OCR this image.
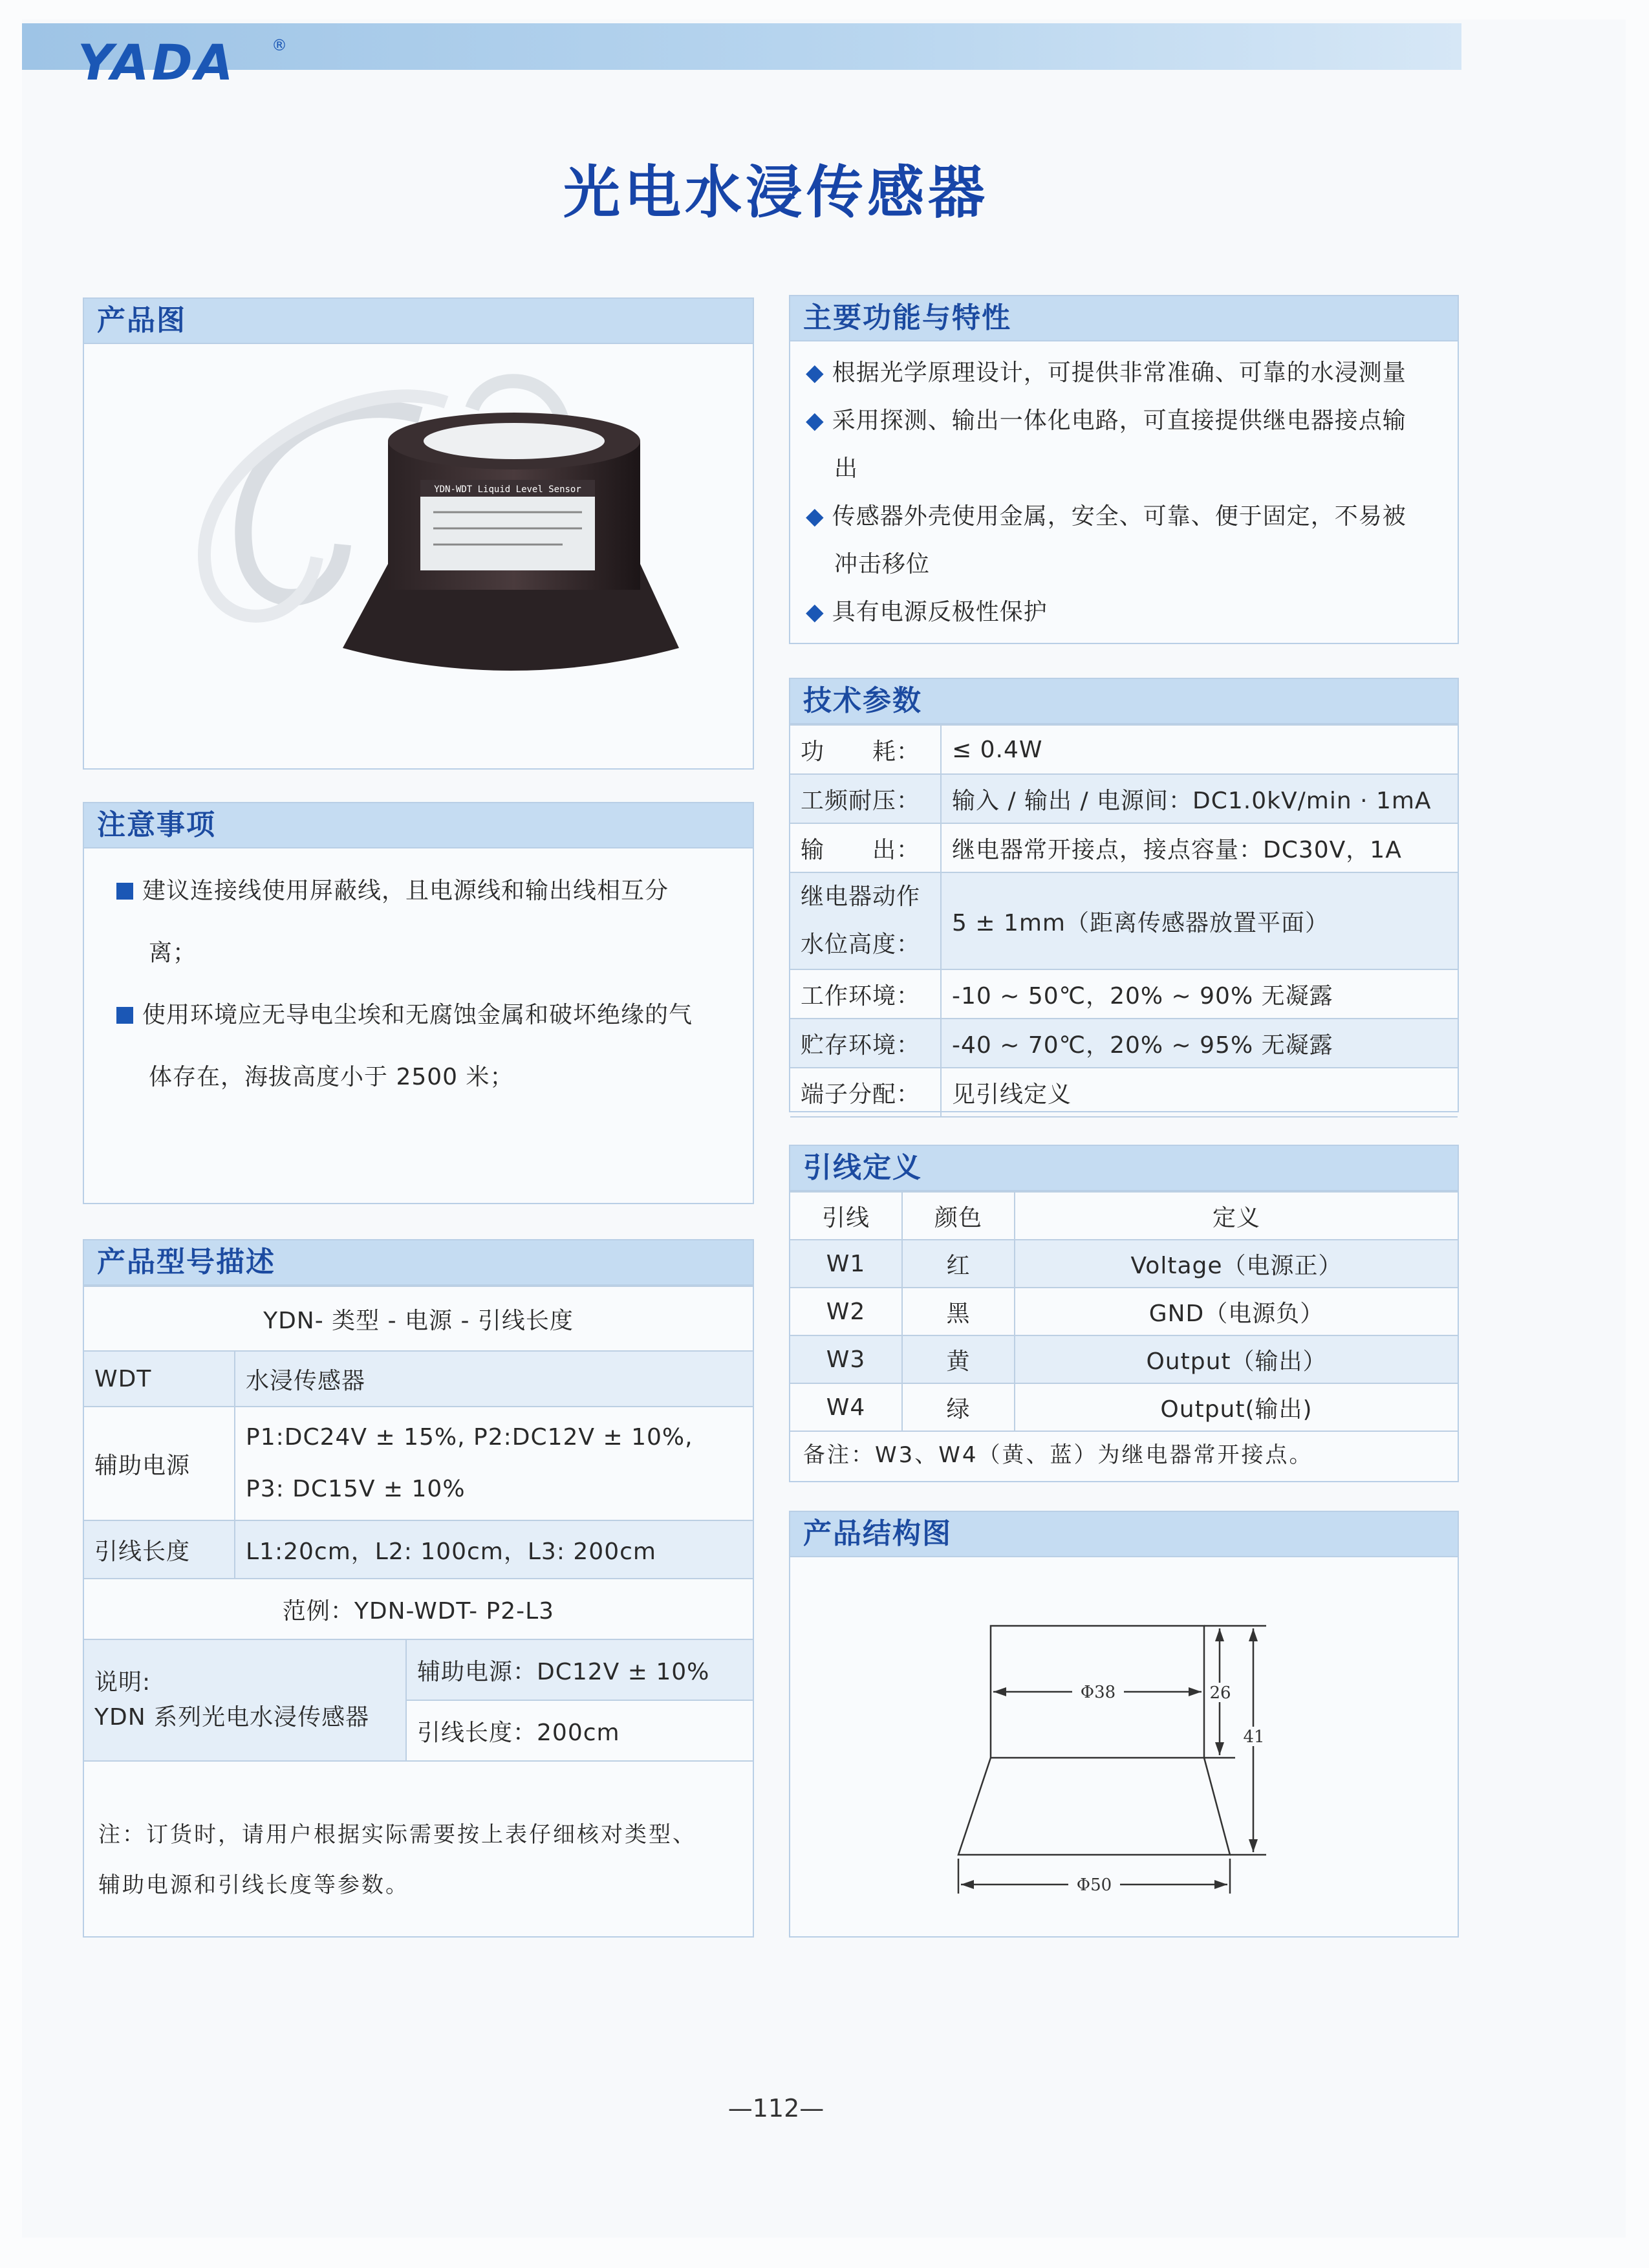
YADA ®
光电水浸传感器
产品图
YDN-WDT Liquid Level Sensor
注意事项
建议连接线使用屏蔽线，且电源线和输出线相互分
离；
使用环境应无导电尘埃和无腐蚀金属和破坏绝缘的气
体存在，海拔高度小于 2500 米；
产品型号描述
YDN- 类型 - 电源 - 引线长度		
WDT	水浸传感器	
辅助电源	P1:DC24V ± 15%, P2:DC12V ± 10%,
P3: DC15V ± 10%	

引线长度	L1:20cm，L2: 100cm，L3: 200cm	
范例：YDN-WDT- P2-L3		

说明:
YDN 系列光电水浸传感器		辅助电源：DC12V ± 10%
		引线长度：200cm
注：订货时，请用户根据实际需要按上表仔细核对类型、
辅助电源和引线长度等参数。
主要功能与特性
◆ 根据光学原理设计，可提供非常准确、可靠的水浸测量
◆ 采用探测、输出一体化电路，可直接提供继电器接点输
出
◆ 传感器外壳使用金属，安全、可靠、便于固定，不易被
冲击移位
◆ 具有电源反极性保护
技术参数
功　　耗：	≤ 0.4W
工频耐压：	输入 / 输出 / 电源间：DC1.0kV/min · 1mA
输　　出：	继电器常开接点，接点容量：DC30V，1A
继电器动作
水位高度：	5 ± 1mm（距离传感器放置平面）
工作环境：	-10 ~ 50℃，20% ~ 90% 无凝露
贮存环境：	-40 ~ 70℃，20% ~ 95% 无凝露
端子分配：	见引线定义
引线定义
引线	颜色	定义
W1	红	Voltage（电源正）
W2	黑	GND（电源负）
W3	黄	Output（输出）
W4	绿	Output(输出)
备注：W3、W4（黄、蓝）为继电器常开接点。
产品结构图
Φ38	26
41
Φ50
—112—
